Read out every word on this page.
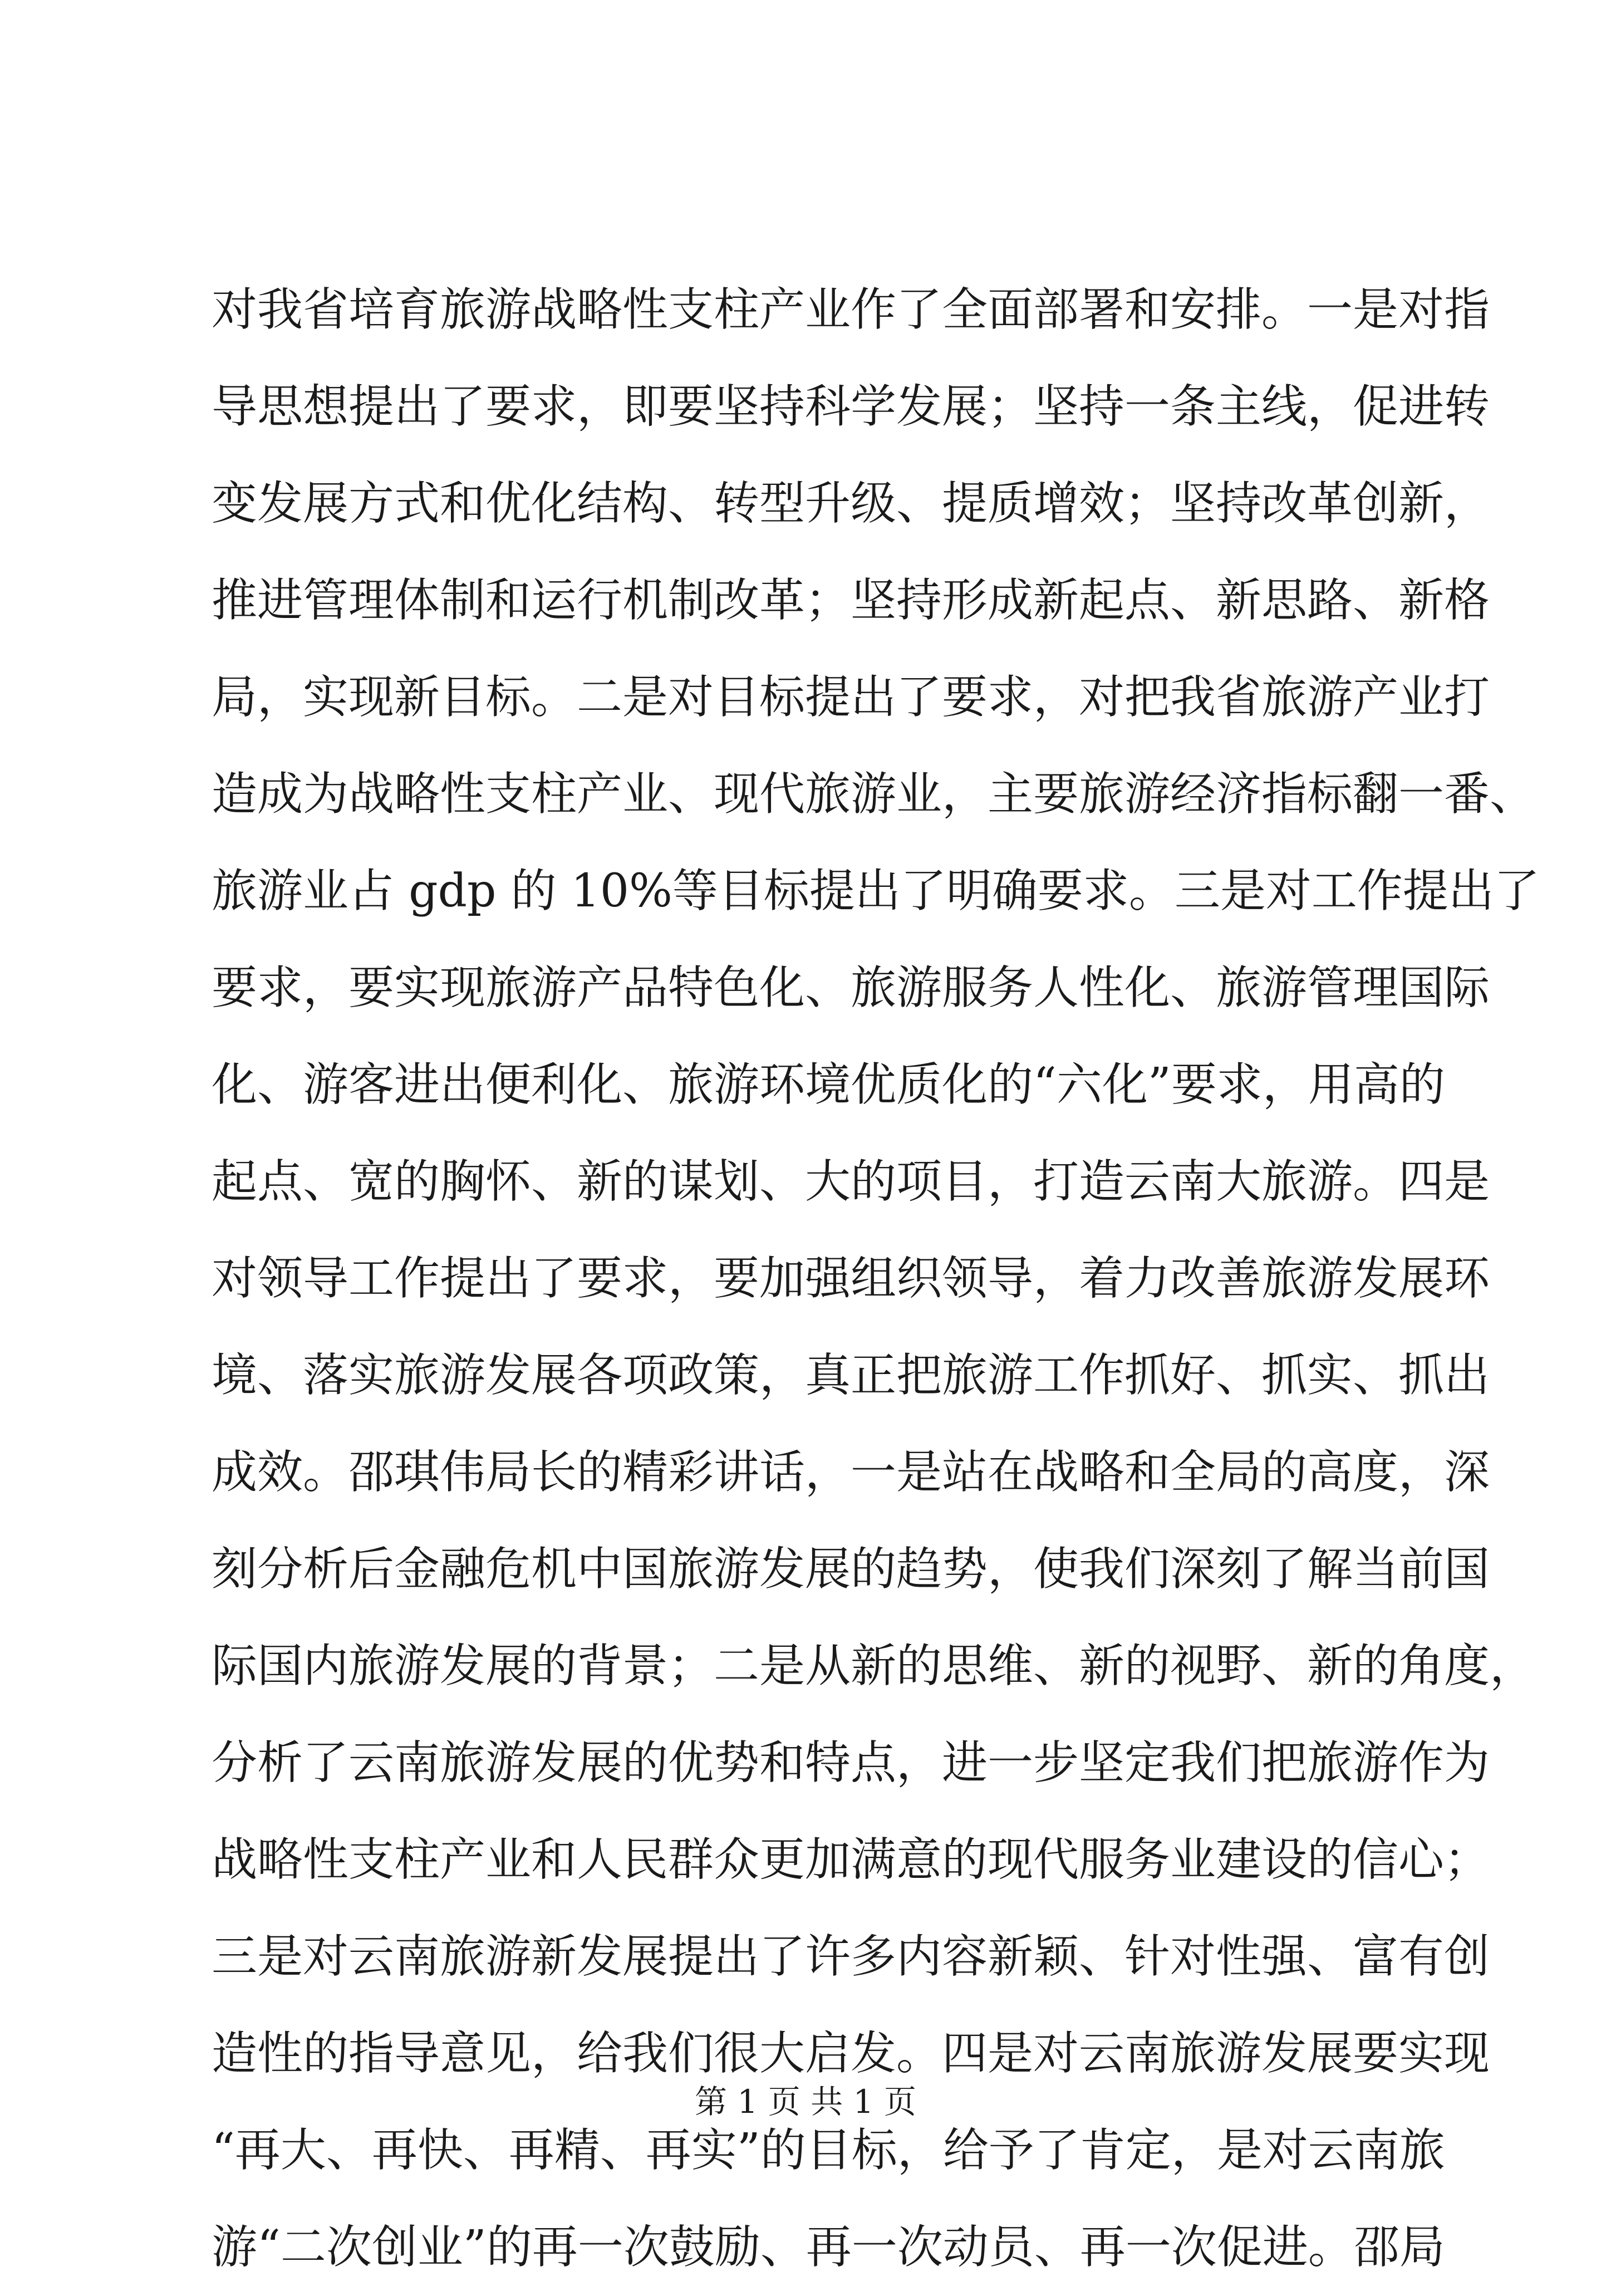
对我省培育旅游战略性支柱产业作了全面部署和安排。一是对指
导思想提出了要求，即要坚持科学发展；坚持一条主线，促进转
变发展方式和优化结构、转型升级、提质增效；坚持改革创新，
推进管理体制和运行机制改革；坚持形成新起点、新思路、新格
局，实现新目标。二是对目标提出了要求，对把我省旅游产业打
造成为战略性支柱产业、现代旅游业，主要旅游经济指标翻一番、
旅游业占 gdp 的 10%等目标提出了明确要求。三是对工作提出了
要求，要实现旅游产品特色化、旅游服务人性化、旅游管理国际
化、游客进出便利化、旅游环境优质化的“六化”要求，用高的
起点、宽的胸怀、新的谋划、大的项目，打造云南大旅游。四是
对领导工作提出了要求，要加强组织领导，着力改善旅游发展环
境、落实旅游发展各项政策，真正把旅游工作抓好、抓实、抓出
成效。邵琪伟局长的精彩讲话，一是站在战略和全局的高度，深
刻分析后金融危机中国旅游发展的趋势，使我们深刻了解当前国
际国内旅游发展的背景；二是从新的思维、新的视野、新的角度，
分析了云南旅游发展的优势和特点，进一步坚定我们把旅游作为
战略性支柱产业和人民群众更加满意的现代服务业建设的信心；
三是对云南旅游新发展提出了许多内容新颖、针对性强、富有创
造性的指导意见，给我们很大启发。四是对云南旅游发展要实现
“再大、再快、再精、再实”的目标，给予了肯定，是对云南旅
游“二次创业”的再一次鼓励、再一次动员、再一次促进。邵局
第 1 页 共 1 页
